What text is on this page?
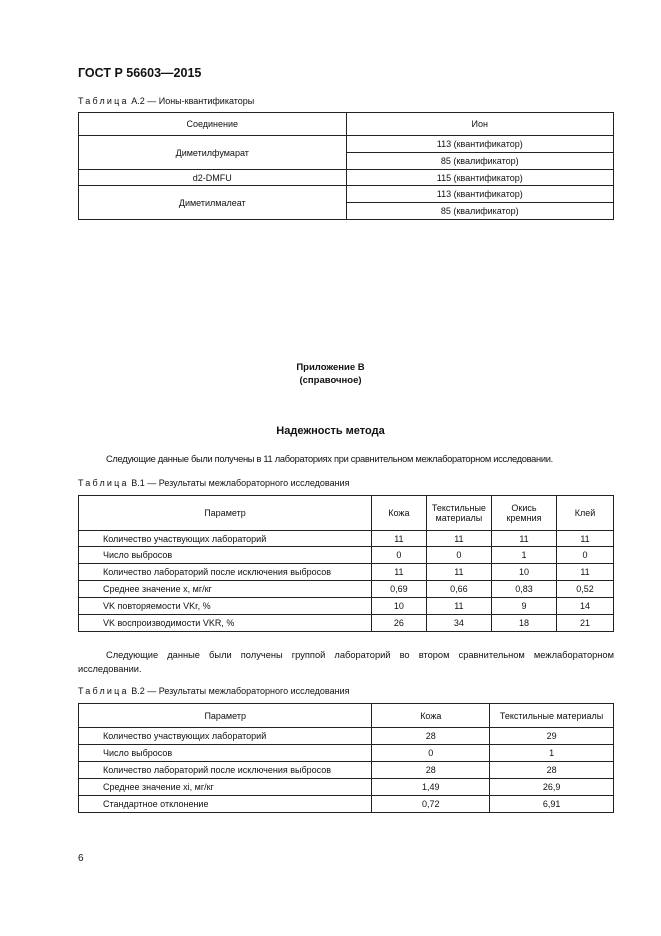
ГОСТ Р 56603—2015
Таблица А.2 — Ионы-квантификаторы
Соединение	Ион
Диметилфумарат	113 (квантификатор)
	85 (квалификатор)
d2-DMFU	115 (квантификатор)
Диметилмалеат	113 (квантификатор)
	85 (квалификатор)
Приложение В
(справочное)
Надежность метода
Следующие данные были получены в 11 лабораториях при сравнительном межлабораторном исследовании.
Таблица В.1 — Результаты межлабораторного исследования
Параметр	Кожа	Текстильные материалы	Окись кремния	Клей
Количество участвующих лабораторий	11	11	11	11
Число выбросов	0	0	1	0
Количество лабораторий после исключения выбросов	11	11	10	11
Среднее значение x, мг/кг	0,69	0,66	0,83	0,52
VK повторяемости VKr, %	10	11	9	14
VK воспроизводимости VKR, %	26	34	18	21
Следующие данные были получены группой лабораторий во втором сравнительном межлабораторном исследовании.
Таблица В.2 — Результаты межлабораторного исследования
Параметр	Кожа	Текстильные материалы
Количество участвующих лабораторий	28	29
Число выбросов	0	1
Количество лабораторий после исключения выбросов	28	28
Среднее значение xi, мг/кг	1,49	26,9
Стандартное отклонение	0,72	6,91
6
